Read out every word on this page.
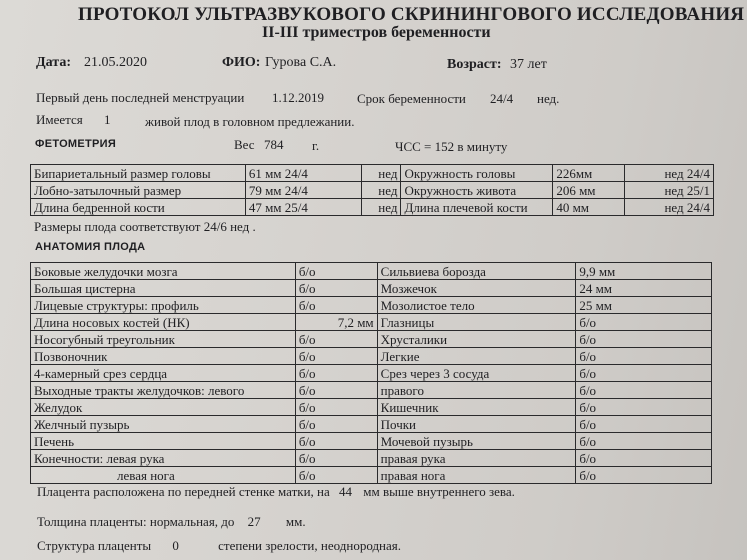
ПРОТОКОЛ УЛЬТРАЗВУКОВОГО СКРИНИНГОВОГО ИССЛЕДОВАНИЯ
II-III триместров беременности
Дата: 21.05.2020	ФИО: Гурова С.А.	Возраст: 37 лет
Первый день последней менструации 1.12.2019	Срок беременности 24/4 нед.
Имеется 1	живой плод в головном предлежании.
ФЕТОМЕТРИЯ	Вес 784 г.	ЧСС = 152 в минуту
Бипариетальный размер головы	61 мм 24/4	нед	Окружность головы	226мм	нед 24/4
Лобно-затылочный размер	79 мм 24/4	нед	Окружность живота	206 мм	нед 25/1
Длина бедренной кости	47 мм 25/4	нед	Длина плечевой кости	40 мм	нед 24/4
Размеры плода соответствуют 24/6 нед .
АНАТОМИЯ ПЛОДА
Боковые желудочки мозга	б/о	Сильвиева борозда	9,9 мм
Большая цистерна	б/о	Мозжечок	24 мм
Лицевые структуры: профиль	б/о	Мозолистое тело	25 мм
Длина носовых костей (НК)	7,2 мм	Глазницы	б/о
Носогубный треугольник	б/о	Хрусталики	б/о
Позвоночник	б/о	Легкие	б/о
4-камерный срез сердца	б/о	Срез через 3 сосуда	б/о
Выходные тракты желудочков: левого	б/о	правого	б/о
Желудок	б/о	Кишечник	б/о
Желчный пузырь	б/о	Почки	б/о
Печень	б/о	Мочевой пузырь	б/о
Конечности: левая рука	б/о	правая рука	б/о
левая нога	б/о	правая нога	б/о
Плацента расположена по передней стенке матки, на 44 мм выше внутреннего зева.
Толщина плаценты: нормальная, до 27 мм.
Структура плаценты 0	степени зрелости, неоднородная.
